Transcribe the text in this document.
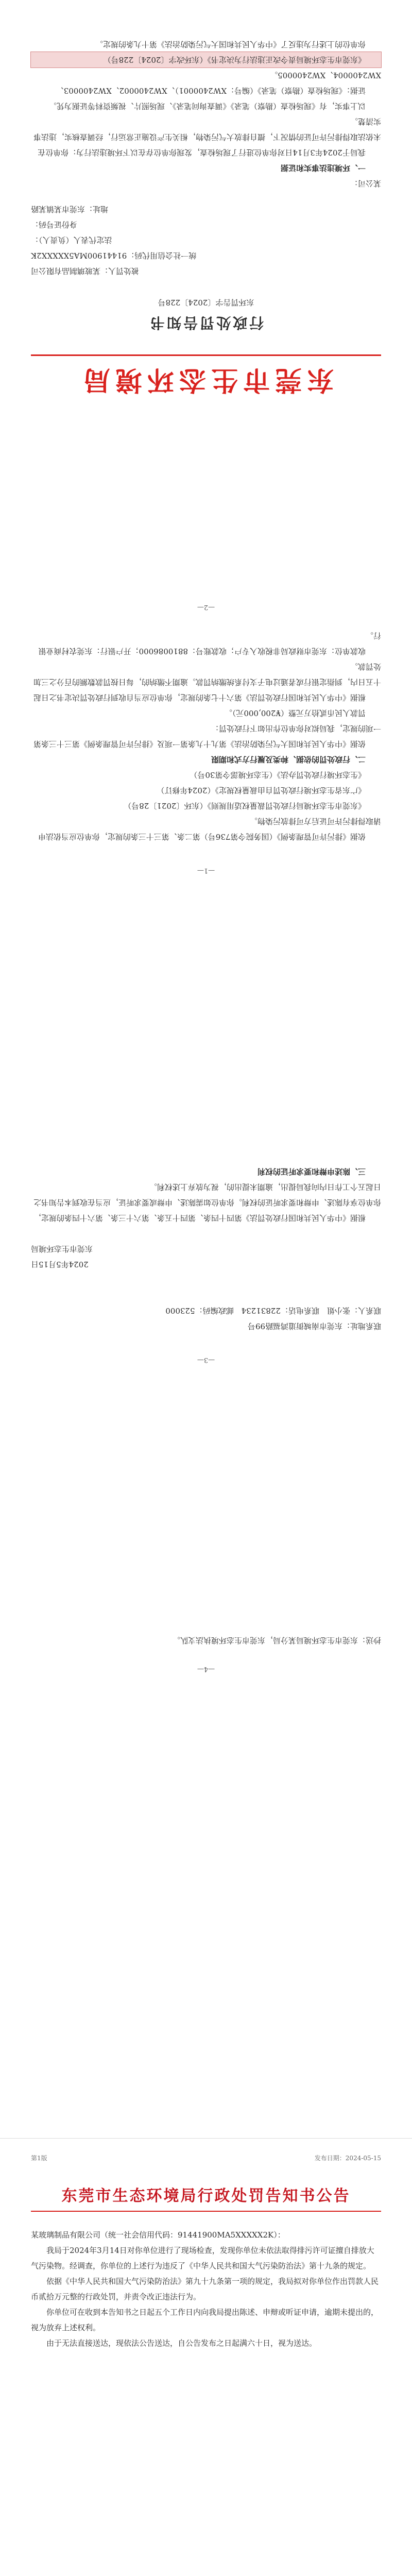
东莞市生态环境局
行政处罚告知书
东环罚告字〔2024〕228号

被处罚人：某玻璃制品有限公司

统一社会信用代码：91441900MA5XXXXX2K

法定代表人（负责人）：

身份证号码：

地址：东莞市某镇某路

某公司：

一、环境违法事实和证据

我局于2024年3月14日对你单位进行了现场检查，发现你单位存在以下环境违法行为：你单位在未依法取得排污许可证的情况下，擅自排放大气污染物，相关生产设施正常运行，经调查核实，违法事实清楚。

以上事实，有《现场检查（勘察）笔录》《调查询问笔录》、现场照片、视频资料等证据为凭。

证据：《现场检查（勘察）笔录》（编号：XW2400001）、XW2400002、XW2400003、XW2400004、XW2400005。

《东莞市生态环境局责令改正违法行为决定书》（东环改字〔2024〕228号）

你单位的上述行为违反了《中华人民共和国大气污染防治法》第十九条的规定。

—1—

依据《排污许可管理条例》（国务院令第736号）第二条、第三十三条的规定，你单位应当依法申请取得排污许可证后方可排放污染物。

《东莞市生态环境局行政处罚裁量权适用规则》（东环〔2021〕28号）

《广东省生态环境行政处罚自由裁量权规定》（2024年修订）

《生态环境行政处罚办法》（生态环境部令第30号）

二、行政处罚的依据、种类及履行方式和期限

依据《中华人民共和国大气污染防治法》第九十九条第一项及《排污许可管理条例》第三十三条第一项的规定，我局拟对你单位作出如下行政处罚：

罚款人民币贰拾万元整（¥200,000元）。

根据《中华人民共和国行政处罚法》第六十七条的规定，你单位应当自收到行政处罚决定书之日起十五日内，到指定银行或者通过电子支付系统缴纳罚款。逾期不缴纳的，每日按罚款数额的百分之三加处罚款。

收款单位：东莞市财政局非税收入专户；收款账号：8810086000；开户银行：东莞农村商业银行。

—2—

—3—

联系地址：东莞市南城街道鸿福路99号

联系人：张小姐　联系电话：22831234　邮政编码：523000

2024年5月15日

东莞市生态环境局

根据《中华人民共和国行政处罚法》第四十四条、第四十五条、第六十三条、第六十四条的规定，你单位享有陈述、申辩和要求听证的权利。你单位如需陈述、申辩或要求听证，应当在收到本告知书之日起五个工作日内向我局提出，逾期未提出的，视为放弃上述权利。

三、陈述申辩和要求听证的权利

—4—

抄送：东莞市生态环境局某分局，东莞市生态环境执法支队。

第1版	发布日期：2024-05-15
东莞市生态环境局行政处罚告知书公告

某玻璃制品有限公司（统一社会信用代码：91441900MA5XXXXX2K）：

我局于2024年3月14日对你单位进行了现场检查，发现你单位未依法取得排污许可证擅自排放大气污染物。经调查，你单位的上述行为违反了《中华人民共和国大气污染防治法》第十九条的规定。

依据《中华人民共和国大气污染防治法》第九十九条第一项的规定，我局拟对你单位作出罚款人民币贰拾万元整的行政处罚，并责令改正违法行为。

你单位可在收到本告知书之日起五个工作日内向我局提出陈述、申辩或听证申请，逾期未提出的，视为放弃上述权利。

由于无法直接送达，现依法公告送达，自公告发布之日起满六十日，视为送达。
